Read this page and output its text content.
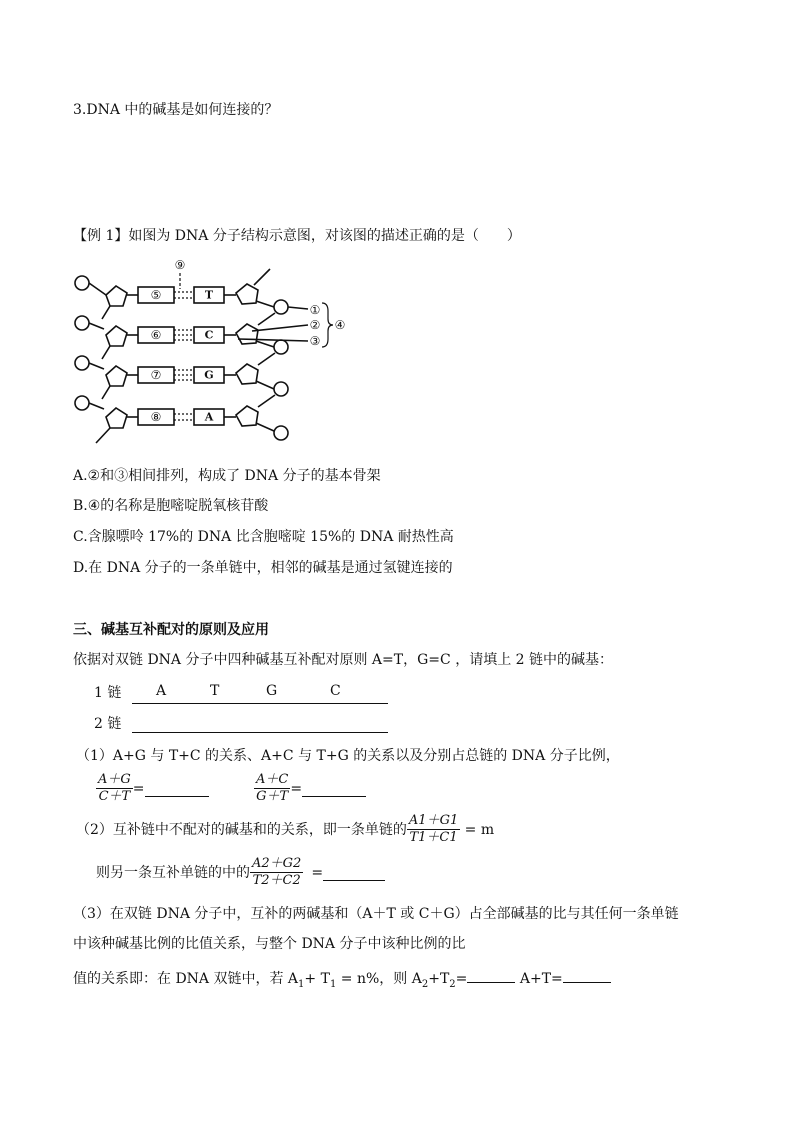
3.DNA 中的碱基是如何连接的？
【例 1】如图为 DNA 分子结构示意图，对该图的描述正确的是（　　）
⑤
⑥
⑦
⑧
T
C
G
A
⑨
①
②
③
④
A.②和③相间排列，构成了 DNA 分子的基本骨架
B.④的名称是胞嘧啶脱氧核苷酸
C.含腺嘌呤 17%的 DNA 比含胞嘧啶 15%的 DNA 耐热性高
D.在 DNA 分子的一条单链中，相邻的碱基是通过氢键连接的
三、碱基互补配对的原则及应用
依据对双链 DNA 分子中四种碱基互补配对原则 A=T，G=C ，请填上 2 链中的碱基：
1 链 A	T	G	C
2 链
（1）A+G 与 T+C 的关系、A+C 与 T+G 的关系以及分别占总链的 DNA 分子比例，
$\frac{A+G}{C+T}$ =	$\frac{A+C}{G+T}$ =
（2）互补链中不配对的碱基和的关系，即一条单链的 $\frac{A1+G1}{T1+C1} = m$
则另一条互补单链的中的 $\frac{A2+G2}{T2+C2}$ =
（3）在双链 DNA 分子中，互补的两碱基和（A＋T 或 C＋G）占全部碱基的比与其任何一条单链
中该种碱基比例的比值关系，与整个 DNA 分子中该种比例的比
值的关系即：在 DNA 双链中，若 $A_1+ T_1 = n\%$，则 $A_2+T_2=$	A+T=
